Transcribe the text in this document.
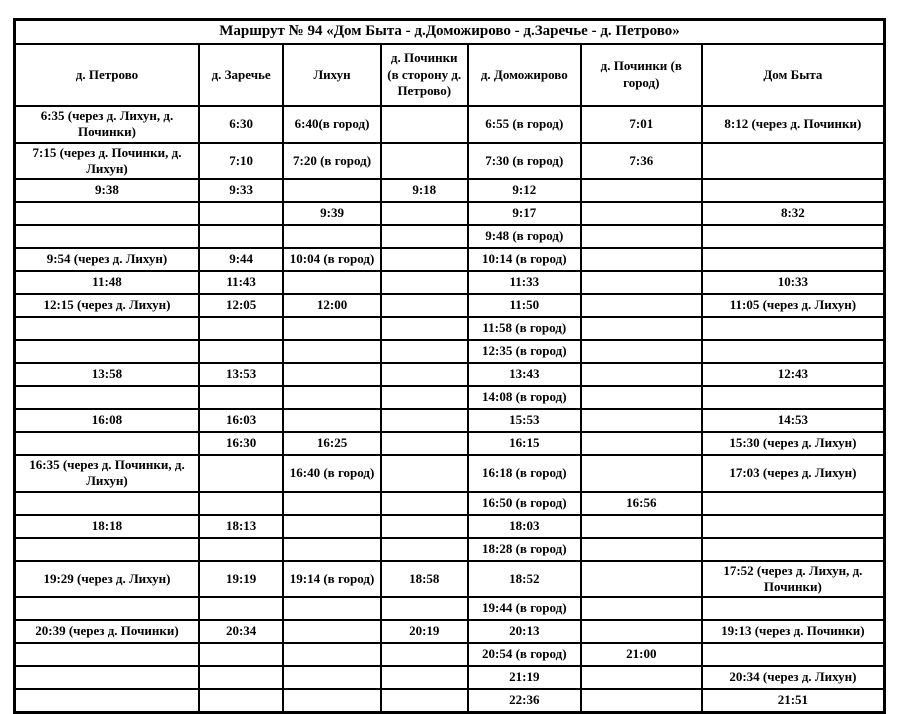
Маршрут № 94 «Дом Быта - д.Доможирово - д.Заречье - д. Петрово»						
д. Петрово	д. Заречье	Лихун	д. Починки (в сторону д. Петрово)	д. Доможирово	д. Починки (в город)	Дом Быта
6:35 (через д. Лихун, д. Починки)	6:30	6:40(в город)		6:55 (в город)	7:01	8:12 (через д. Починки)
7:15 (через д. Починки, д. Лихун)	7:10	7:20 (в город)		7:30 (в город)	7:36	
9:38	9:33		9:18	9:12		
		9:39		9:17		8:32
				9:48 (в город)		
9:54 (через д. Лихун)	9:44	10:04 (в город)		10:14 (в город)		
11:48	11:43			11:33		10:33
12:15 (через д. Лихун)	12:05	12:00		11:50		11:05 (через д. Лихун)
				11:58 (в город)		
				12:35 (в город)		
13:58	13:53			13:43		12:43
				14:08 (в город)		
16:08	16:03			15:53		14:53
	16:30	16:25		16:15		15:30 (через д. Лихун)
16:35 (через д. Починки, д. Лихун)		16:40 (в город)		16:18 (в город)		17:03 (через д. Лихун)
				16:50 (в город)	16:56	
18:18	18:13			18:03		
				18:28 (в город)		
19:29 (через д. Лихун)	19:19	19:14 (в город)	18:58	18:52		17:52 (через д. Лихун, д. Починки)
				19:44 (в город)		
20:39 (через д. Починки)	20:34		20:19	20:13		19:13 (через д. Починки)
				20:54 (в город)	21:00	
				21:19		20:34 (через д. Лихун)
				22:36		21:51
